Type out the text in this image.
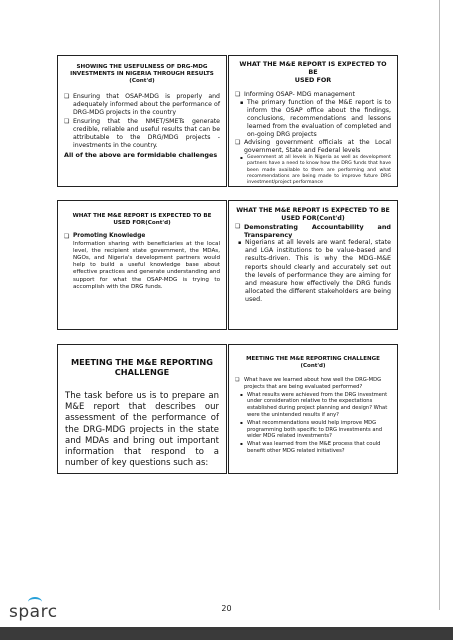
SHOWING THE USEFULNESS OF DRG-MDG
INVESTMENTS IN NIGERIA THROUGH RESULTS
(Cont'd)
❏ Ensuring that OSAP-MDG is properly and adequately informed about the performance of DRG-MDG projects in the country
❏ Ensuring that the NMET/SMETs generate credible, reliable and useful results that can be attributable to the DRG/MDG projects - investments in the country.
All of the above are formidable challenges
WHAT THE M&E REPORT IS EXPECTED TO BE
USED FOR
❏ Informing OSAP- MDG management
▪ The primary function of the M&E report is to inform the OSAP office about the findings, conclusions, recommendations and lessons learned from the evaluation of completed and on-going DRG projects
❏ Advising government officials at the Local government, State and Federal levels
▪ Government at all levels in Nigeria as well as development partners have a need to know how the DRG funds that have been made available to them are performing and what recommendations are being made to improve future DRG investment/project performance
WHAT THE M&E REPORT IS EXPECTED TO BE
USED FOR(Cont'd)
❏ Promoting Knowledge
Information sharing with beneficiaries at the local level, the recipient state government, the MDAs, NGOs, and Nigeria's development partners would help to build a useful knowledge base about effective practices and generate understanding and support for what the OSAP-MDG is trying to accomplish with the DRG funds.
WHAT THE M&E REPORT IS EXPECTED TO BE
USED FOR(Cont'd)
❏ Demonstrating Accountability and Transparency
▪ Nigerians at all levels are want federal, state and LGA institutions to be value-based and results-driven. This is why the MDG–M&E reports should clearly and accurately set out the levels of performance they are aiming for and measure how effectively the DRG funds allocated the different stakeholders are being used.
MEETING THE M&E REPORTING
CHALLENGE
The task before us is to prepare an M&E report that describes our assessment of the performance of the DRG-MDG projects in the state and MDAs and bring out important information that respond to a number of key questions such as:
MEETING THE M&E REPORTING CHALLENGE
(Cont'd)
❏ What have we learned about how well the DRG-MDG projects that are being evaluated performed?
▪ What results were achieved from the DRG investment under consideration relative to the expectations established during project planning and design? What were the unintended results if any?
▪ What recommendations would help improve MDG programming both specific to DRG investments and wider MDG related investments?
▪ What was learned from the M&E process that could benefit other MDG related initiatives?
sp
arc	20
